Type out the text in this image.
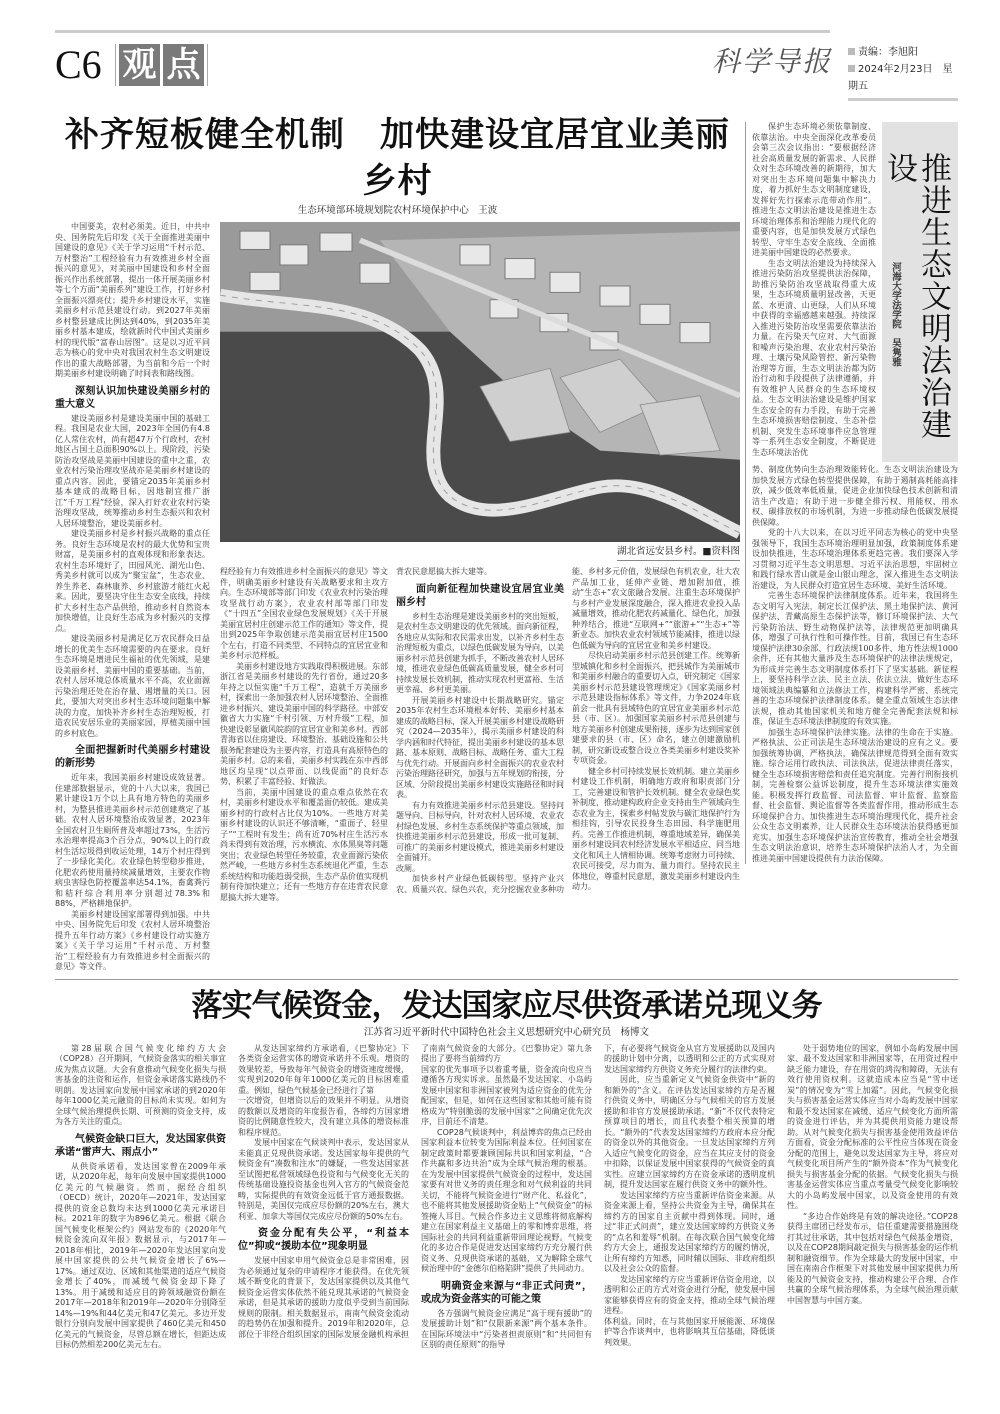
C6 观 点	科学导报	责编：李旭阳
2024年2月23日　星期五
补齐短板健全机制　加快建设宜居宜业美丽乡村
生态环境部环境规划院农村环境保护中心　王波

中国要美，农村必须美。近日，中共中央、国务院先后印发《关于全面推进美丽中国建设的意见》《关于学习运用“千村示范、万村整治”工程经验有力有效推进乡村全面振兴的意见》，对美丽中国建设和乡村全面振兴作出系统部署，提出一体开展美丽乡村等七个方面“美丽系列”建设工作，打好乡村全面振兴漂亮仗；提升乡村建设水平，实施美丽乡村示范县建设行动。到2027年美丽乡村整县建成比例达到40%，到2035年美丽乡村基本建成，绘就新时代中国式美丽乡村的现代版“富春山居图”。这是以习近平同志为核心的党中央对我国农村生态文明建设作出的重大战略部署，为当前和今后一个时期美丽乡村建设明确了时间表和路线图。

深刻认识加快建设美丽乡村的重大意义

建设美丽乡村是建设美丽中国的基础工程。我国是农业大国，2023年全国仍有4.8亿人常住农村，尚有超47万个行政村，农村地区占国土总面积90%以上。现阶段，污染防治攻坚战是美丽中国建设的重中之重，农业农村污染治理攻坚战亦是美丽乡村建设的重点内容。因此，要锚定2035年美丽乡村基本建成的战略目标，因地制宜推广浙江“千万工程”经验，深入打好农业农村污染治理攻坚战，统筹推动乡村生态振兴和农村人居环境整治，建设美丽乡村。

建设美丽乡村是乡村振兴战略的重点任务。良好生态环境是农村的最大优势和宝贵财富，是美丽乡村的直观体现和形象表达。农村生态环境好了，田园风光、湖光山色、秀美乡村就可以成为“聚宝盆”，生态农业、养生养老、森林康养、乡村旅游才能红火起来。因此，要坚决守住生态安全底线，持续扩大乡村生态产品供给，推动乡村自然资本加快增值，让良好生态成为乡村振兴的支撑点。

建设美丽乡村是满足亿万农民群众日益增长的优美生态环境需要的内在要求。良好生态环境是增进民生福祉的优先领域，是建设美丽乡村、美丽中国的重要基础。当前，农村人居环境总体质量水平不高，农业面源污染治理还处在治存量、遏增量的关口。因此，要加大对突出乡村生态环境问题集中解决的力度，加快补齐乡村生态治理短板，打造农民安居乐业的美丽家园，厚植美丽中国的乡村底色。

全面把握新时代美丽乡村建设的新形势

近年来，我国美丽乡村建设成效显著。住建部数据显示，党的十八大以来，我国已累计建设1万个以上具有地方特色的美丽乡村，为整县推进美丽乡村示范创建奠定了基础。农村人居环境整治成效显著，2023年全国农村卫生厕所普及率超过73%，生活污水治理率提高3个百分点，90%以上的行政村生活垃圾得到收运处理，14万个村庄得到了一步绿化美化。农业绿色转型稳步推进，化肥农药使用量持续减量增效，主要农作物病虫害绿色防控覆盖率达54.1%，畜禽粪污和秸秆综合利用率分别超过78.3%和88%，严格耕地保护。

美丽乡村建设国家部署得到加强。中共中央、国务院先后印发《农村人居环境整治提升五年行动方案》《乡村建设行动实施方案》《关于学习运用“千村示范、万村整治”工程经验有力有效推进乡村全面振兴的意见》等文件。

湖北省远安县乡村。■资料图

程经验有力有效推进乡村全面振兴的意见》等文件，明确美丽乡村建设有关战略要求和主攻方向。生态环境部等部门印发《农业农村污染治理攻坚战行动方案》，农业农村部等部门印发《“十四五”全国农业绿色发展规划》《关于开展美丽宜居村庄创建示范工作的通知》等文件，提出到2025年争取创建示范美丽宜居村庄1500个左右，打造不同类型、不同特点的宜居宜业和美乡村示范样板。

美丽乡村建设地方实践取得积极进展。东部浙江省是美丽乡村建设的先行省份，通过20多年持之以恒实施“千万工程”，造就千万美丽乡村，探索出一条加强农村人居环境整治、全面推进乡村振兴、建设美丽中国的科学路径。中部安徽省大力实施“千村引领、万村升级”工程，加快建设彰显徽风皖韵的宜居宜业和美乡村。西部青海省以住房建设、环境整治、基础设施和公共服务配套建设为主要内容，打造具有高原特色的美丽乡村。总的来看，美丽乡村实践在东中西部地区均呈现“以点带面、以线促面”的良好态势，积累了丰富经验、好做法。

当前，美丽中国建设的重点难点依然在农村，美丽乡村建设水平和覆盖面仍较低。建成美丽乡村的行政村占比仅为10%。一些地方对美丽乡村建设的认识还不够清晰，“重面子、轻里子”“工程时有发生；尚有近70%村庄生活污水尚未得到有效治理，污水横流、水体黑臭等问题突出；农业绿色转型任务较重，农业面源污染依然严峻，一些地方乡村生态系统退化严重，生态系统结构和功能趋弱受损，生态产品价值实现机制有待加快建立；还有一些地方存在违背农民意愿搞大拆大建等。

背农民意愿搞大拆大建等。

面向新征程加快建设宜居宜业美丽乡村

乡村生态治理是建设美丽乡村的突出短板，是农村生态文明建设的优先领域。面向新征程，各地应从实际和农民需求出发，以补齐乡村生态治理短板为重点，以绿色低碳发展为导向，以美丽乡村示范县创建为抓手，不断改善农村人居环境，推进农业绿色低碳高质量发展，健全乡村可持续发展长效机制，推动实现农村更富裕、生活更幸福、乡村更美丽。

开展美丽乡村建设中长期战略研究。锚定2035年农村生态环境根本好转、美丽乡村基本建成的战略目标，深入开展美丽乡村建设战略研究（2024—2035年），揭示美丽乡村建设的科学内涵和时代特征，提出美丽乡村建设的基本思路、基本原则、战略目标、战略任务、重大工程与优先行动。开展面向乡村全面振兴的农业农村污染治理路径研究，加强与五年规划的衔接，分区域、分阶段提出美丽乡村建设实施路径和时间表。

有力有效推进美丽乡村示范县建设。坚持问题导向、目标导向，针对农村人居环境、农业农村绿色发展、乡村生态系统保护等重点领域，加快推进美丽乡村示范县建设，形成一批可复制、可推广的美丽乡村建设模式，推进美丽乡村建设全面铺开。

改厕。

加快乡村产业绿色低碳转型。坚持产业兴农、质量兴农、绿色兴农，充分挖掘农业多种功能、乡村多元价值，发展绿色有机农业，壮大农产品加工业，延伸产业链、增加附加值，推动“生态+”农文旅融合发展。注重生态环境保护与乡村产业发展深度融合，深入推进农业投入品减量增效，推动化肥农药减量化、绿色化，加强种养结合，推进“互联网+”“旅游+”“生态+”等新业态。加快农业农村领域节能减排，推进以绿色低碳为导向的宜居宜业和美乡村建设。

尽快启动美丽乡村示范县创建工作。统筹新型城镇化和乡村全面振兴，把县城作为美丽城市和美丽乡村融合的重要切入点，研究制定《国家美丽乡村示范县建设管理规定》《国家美丽乡村示范县建设指标体系》等文件，力争2024年底前会一批具有县域特色的宜居宜业美丽乡村示范县（市、区）。加强国家美丽乡村示范县创建与地方美丽乡村创建成果衔接，逐步为达到国家创建要求的县（市、区）命名，建立创建激励机制，研究新设或整合设立各类美丽乡村建设奖补专项资金。

健全乡村可持续发展长效机制。建立美丽乡村建设工作机制，明确地方政府和职责部门分工，完善建设和管护长效机制。健全农业绿色奖补制度，推动建构政府企业支持由生产领域向生态农业为主，探索乡村帖发放与碳汇地保护行为相挂钩，引导农民投身生态田园、科学施肥用药。完善工作推进机制，尊重地域差异，确保美丽乡村建设同农村经济发展水平相适应、同当地文化和风土人情相协调。统筹考虑财力可持续、农民可接受，尽力而为、量力而行。坚持农民主体地位，尊重村民意愿，激发美丽乡村建设内生动力。

保护生态环境必须依靠制度、依靠法治。中央全面深化改革委员会第三次会议指出：“要根据经济社会高质量发展的新需求、人民群众对生态环境改善的新期待，加大对突出生态环境问题集中解决力度，着力抓好生态文明制度建设，发挥好先行探索示范带动作用”。推进生态文明法治建设是推进生态环境治理体系和治理能力现代化的重要内容，也是加快发展方式绿色转型、守牢生态安全底线、全面推进美丽中国建设的必然要求。

生态文明法治建设为持续深入推进污染防治攻坚提供法治保障，助推污染防治攻坚战取得重大成果，生态环境质量明显改善，天更蓝、水更清、山更绿，人们从环境中获得的幸福感越来越强。持续深入推进污染防治攻坚需要依靠法治力量。在污染天气应对、大气面源和噪声污染治理、农业农村污染治理、土壤污染风险管控、新污染物治理等方面，生态文明法治都为防治行动和手段提供了法律遵循，并有效维护人民群众的生态环境权益。生态文明法治建设是维护国家生态安全的有力手段，有助于完善生态环境损害赔偿制度、生态补偿机制、突发生态环境事件应急管理等一系列生态安全制度，不断促进生态环境法治优

推进生态文明法治建设
河海大学法学院　吴隽雅

势、制度优势向生态治理效能转化。生态文明法治建设为加快发展方式绿色转型提供保障，有助于遏制高耗能高排放，减少低效率低质量，促进企业加快绿色技术创新和清洁生产改造；有助于进一步健全排污权、用能权、用水权、碳排放权的市场机制，为进一步推动绿色低碳发展提供保障。

党的十八大以来，在以习近平同志为核心的党中央坚强领导下，我国生态环境治理明显加强，政策制度体系建设加快推进，生态环境治理体系更趋完善。我们要深入学习贯彻习近平生态文明思想、习近平法治思想，牢固树立和践行绿水青山就是金山银山理念，深入推进生态文明法治建设，为人民群众打造宜居生态环境、美好生活环境。

完善生态环境保护法律制度体系。近年来，我国将生态文明写入宪法，制定长江保护法、黑土地保护法、黄河保护法、青藏高原生态保护法等，修订环境保护法、大气污染防治法、野生动物保护法等，法律规范更加明确具体，增强了可执行性和可操作性。目前，我国已有生态环境保护法律30余部、行政法规100多件、地方性法规1000余件，还有其他大量涉及生态环境保护的法律法规规定，为形成并完善生态文明制度体系打下了坚实基础。新征程上，要坚持科学立法、民主立法、依法立法，做好生态环境领域法典编纂和立法修法工作，构建科学严密、系统完善的生态环境保护法律制度体系。健全重点领域生态法律法规，推动其他国家机关和地方健全完善配套法规和标准，保证生态环境法律制度的有效实施。

加强生态环境保护法律实施。法律的生命在于实施。严格执法、公正司法是生态环境法治建设的应有之义。要加强统筹协调，严格执法，确保法律规范得到全面有效实施。综合运用行政执法、司法执法，促进法律责任落实，健全生态环境损害赔偿和责任追究制度。完善行刑衔接机制，完善检察公益诉讼制度，提升生态环境法律实施效能。积极发挥行政监督、司法监督、审计监督、监察监督、社会监督、舆论监督等各类监督作用，推动形成生态环境保护合力。加快推进生态环境治理现代化，提升社会公众生态文明素养，让人民群众生态环境法治获得感更加充实。加强生态环境保护法治宣传教育，推动全社会增强生态文明法治意识，培养生态环境保护法治人才，为全面推进美丽中国建设提供有力法治保障。

落实气候资金，发达国家应尽供资承诺兑现义务
江苏省习近平新时代中国特色社会主义思想研究中心研究员　杨博文

第28届联合国气候变化缔约方大会（COP28）召开期间，气候资金落实的相关事宜成为焦点议题。大会有意推动气候变化损失与损害基金的注资和运作，但资金承诺落实路线仍不明朗。发达国家向发展中国家承诺的到2020年每年1000亿美元融资的目标尚未实现。如何为全球气候治理提供长期、可预测的资金支持，成为各方关注的重点。

气候资金缺口巨大，发达国家供资承诺“雷声大、雨点小”

从供资承诺看，发达国家曾在2009年承诺，从2020年起，每年向发展中国家提供1000亿美元的气候融资。然而，据经合组织（OECD）统计，2020年—2021年，发达国家提供的资金总数均未达到1000亿美元承诺目标。2021年的数字为896亿美元。根据《联合国气候变化框架公约》网站发布的《2020年气候资金流向双年报》数据显示，与2017年—2018年相比，2019年—2020年发达国家向发展中国家提供的公共气候资金增长了6%—17%。通过双边、区域和其他渠道的适应气候资金增长了40%，而减缓气候资金却下降了13%。用于减缓和适应目的跨领域融资份额在2017年—2018年和2019年—2020年分别降至14%—19%和44亿美元和47亿美元。多边开发银行分别向发展中国家提供了460亿美元和450亿美元的气候资金，尽管总额在增长，但距达成目标仍然相差200亿美元左右。

从发达国家缔约方承诺看，《巴黎协定》下各类资金运营实体的增资承诺并不乐观。增资的效果较差，导致每年气候资金的增资速度缓慢，实现到2020年每年1000亿美元的目标困难重重。例如，绿色气候基金已经进行了第

一次增资，但增资以后的效果并不明显。从增资的数额以及增资的年度报告看，各缔约方国家增资的比例随意性较大，没有建立具体的增资标准和程序规范。

发展中国家在气候谈判中表示，发达国家从未能真正兑现供资承诺。发达国家每年提供的气候资金有“凑数和注水”的嫌疑，一些发达国家甚至试图把私营领域绿色投资和与气候变化无关的传统基础设施投资基金也列入官方的气候资金范畴，实际提供的有效资金远低于官方通报数据。特别是，美国仅完成应尽份额的20%左右，澳大利亚、加拿大等国仅完成应尽份额的50%左右。

资金分配有失公平，“利益本位”抑或“援助本位”现象明显

发展中国家申用气候资金总是非常困难，因为必须通过复杂的申请程序才能获得。在优先领域不断变化的背景下，发达国家提供以及其他气候资金运营实体依然不能兑现其承诺的气候资金承诺，但是其承诺的援助力度似乎受到当前国际规则的限制。相关数据显示，南南气候资金流动的趋势仍在加强和提升。2019年和2020年，总部位于非经合组织国家的国际发展金融机构承担了南南气候资金的大部分。《巴黎协定》第九条提出了要将当前缔约方

国家的优先事项予以着重考量，资金流向也应当遵循各方现实诉求。虽然最不发达国家、小岛屿发展中国家和非洲国家被列为适应资金的优先分配国家，但是，如何在这些国家和其他可能有资格成为“特别脆弱的发展中国家”之间确定优先次序，目前还不清楚。

COP28气候谈判中，利益博弈的焦点已经由国家利益本位转变为国际利益本位。任何国家在制定政策时都要兼顾国际共识和国家利益，“合作共赢和多边共治”成为全球气候治理的根基。在为发展中国家提供气候资金的过程中，发达国家要有对世义务的责任理念和对气候利益的共同关切，不能将气候资金进行“财产化、私益化”，也不能将其他发展援助资金贴上“气候资金”的标签掩人耳目。气候合作多边主义思维将彻底解构建立在国家利益主义基础上的零和博弈思维，将国际社会的共同利益重新带回理论视野。气候变化的多边合作是促进发达国家缔约方充分履行供资义务、兑现供资承诺的基础，又为解除全球气候治理中的“金德尔伯格陷阱”提供了共同动力。

明确资金来源与“非正式问责”，或成为资金落实的可能之策

各方强调气候资金应满足“高于现有援助”的发展援助计划”和“仅限新来源”两个基本条件。在国际环境法中“污染者担责原则”和“共同但有区别的责任原则”的指导

下，有必要将气候资金从官方发展援助以及国内的援助计划中分离，以透明和公正的方式实现对发达国家缔约方供资义务充分履行的法律约束。

因此，应当重新定义气候资金供资中“新的和额外的”含义。在评估发达国家缔约方是否履行供资义务中，明确区分与气候相关的官方发展援助和非官方发展援助承诺。“新”不仅代表特定预算项目的增长，而且代表整个相关预算的增长。“额外的”代表发达国家缔约方政府本应分配的资金以外的其他资金。一旦发达国家缔约方列入适应气候变化的资金，应当在其应支付的资金中扣除，以保证发展中国家获得的气候资金的真实性。应建立国家缔约方在资金承诺的透明度机制，提升发达国家在履行供资义务中的额外性。

发达国家缔约方应当重新评估资金来源。从资金来源上看，坚持公共资金为主导，确保其在缔约方的国家自主贡献中得到体现。同时，通过“非正式问责”，建立发达国家缔约方供资义务的“点名和羞辱”机制。在每次联合国气候变化缔约方大会上，通报发达国家缔约方的履约情况，让所有缔约方知悉，同时辅以国际、非政府组织以及社会公众的监督。

发达国家缔约方应当重新评估资金用途，以透明和公正的方式对资金进行分配，使发展中国家能够获得应有的资金支持，推动全球气候治理进程。

体利益。同时，在与其他国家开展能源、环境保护等合作谈判中，也将影响其互信基础，降低谈判效果。

处于弱势地位的国家，例如小岛屿发展中国家、最不发达国家和非洲国家等，在用资过程中缺乏能力建设，存在用资的鸿沟和障碍，无法有效行使用资权利。这就造成本应当是“雪中送炭”的情况变为“雪上加霜”。因此，气候变化损失与损害基金运营实体应当对小岛屿发展中国家和最不发达国家在减缓、适应气候变化方面所需的资金进行评估，并为其提供用资能力建设帮助。从对气候变化损失与损害基金使用效益评估方面看，资金分配标准的公平性应当体现在资金分配的范围上，避免以发达国家为主导，将应对气候变化项目所产生的“额外资本”作为气候变化损失与损害基金分配的依据。气候变化损失与损害基金运营实体应当重点考量受气候变化影响较大的小岛屿发展中国家，以及资金使用的有效性。

“多边合作始终是有效的解决途径。”COP28获得主席团已经发布示，信任重建需要措施围绕打其过往承诺，其中包括对绿色气候基金增资，以及在COP28期间敲定损失与损害基金的运作机制和融资细节。作为全球最大的发展中国家，中国在南南合作框架下对其他发展中国家提供力所能及的气候资金支持，推动构建公平合理、合作共赢的全球气候治理体系，为全球气候治理贡献中国智慧与中国方案。
